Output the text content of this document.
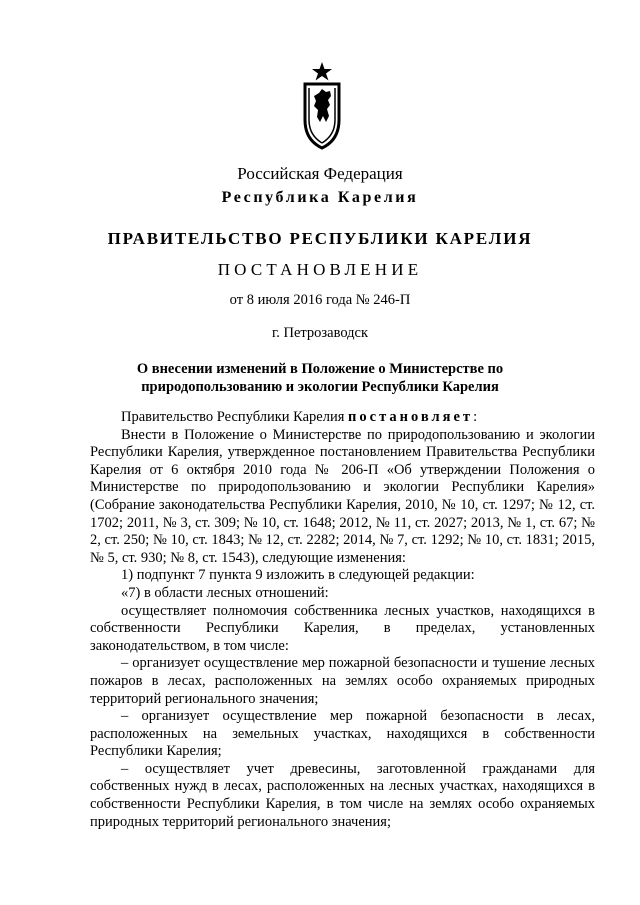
Российская Федерация
Республика Карелия
ПРАВИТЕЛЬСТВО РЕСПУБЛИКИ КАРЕЛИЯ
ПОСТАНОВЛЕНИЕ
от 8 июля 2016 года № 246-П
г. Петрозаводск
О внесении изменений в Положение о Министерстве по
природопользованию и экологии Республики Карелия

Правительство Республики Карелия постановляет:

Внести в Положение о Министерстве по природопользованию и экологии Республики Карелия, утвержденное постановлением Правительства Республики Карелия от 6 октября 2010 года № 206-П «Об утверждении Положения о Министерстве по природопользованию и экологии Республики Карелия» (Собрание законодательства Республики Карелия, 2010, № 10, ст. 1297; № 12, ст. 1702; 2011, № 3, ст. 309; № 10, ст. 1648; 2012, № 11, ст. 2027; 2013, № 1, ст. 67; № 2, ст. 250; № 10, ст. 1843; № 12, ст. 2282; 2014, № 7, ст. 1292; № 10, ст. 1831; 2015, № 5, ст. 930; № 8, ст. 1543), следующие изменения:

1) подпункт 7 пункта 9 изложить в следующей редакции:

«7) в области лесных отношений:

осуществляет полномочия собственника лесных участков, находящихся в собственности Республики Карелия, в пределах, установленных законодательством, в том числе:

– организует осуществление мер пожарной безопасности и тушение лесных пожаров в лесах, расположенных на землях особо охраняемых природных территорий регионального значения;

– организует осуществление мер пожарной безопасности в лесах, расположенных на земельных участках, находящихся в собственности Республики Карелия;

– осуществляет учет древесины, заготовленной гражданами для собственных нужд в лесах, расположенных на лесных участках, находящихся в собственности Республики Карелия, в том числе на землях особо охраняемых природных территорий регионального значения;
